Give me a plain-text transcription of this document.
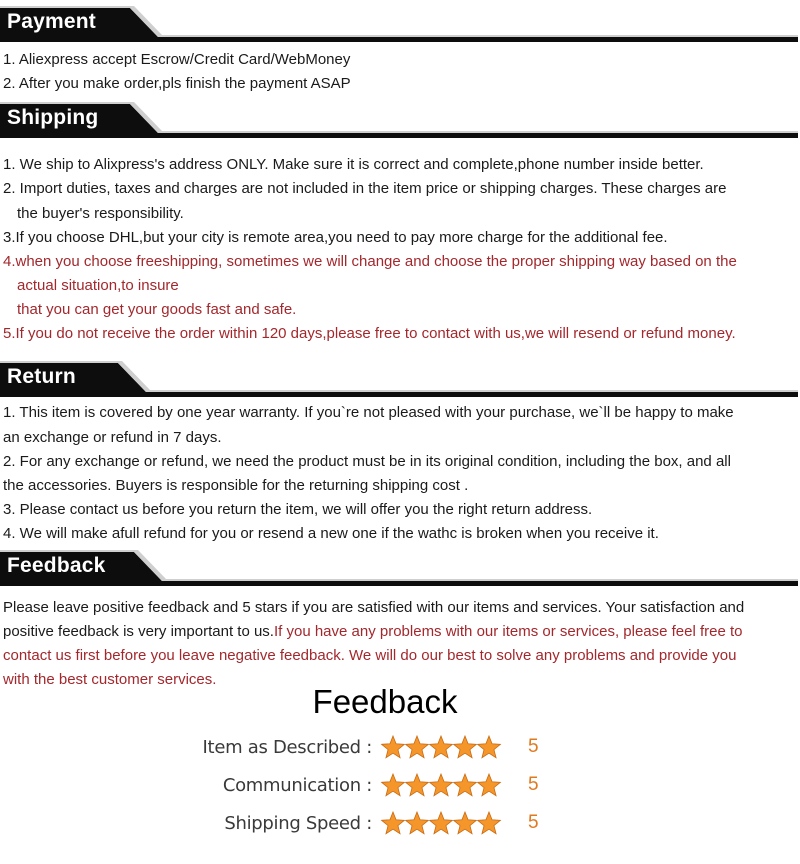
Payment
1. Aliexpress accept Escrow/Credit Card/WebMoney
2. After you make order,pls finish the payment ASAP
Shipping
1. We ship to Alixpress's address ONLY. Make sure it is correct and complete,phone number inside better.
2. Import duties, taxes and charges are not included in the item price or shipping charges. These charges are
the buyer's responsibility.
3.If you choose DHL,but your city is remote area,you need to pay more charge for the additional fee.
4.when you choose freeshipping, sometimes we will change and choose the proper shipping way based on the
actual situation,to insure
that you can get your goods fast and safe.
5.If you do not receive the order within 120 days,please free to contact with us,we will resend or refund money.
Return
1. This item is covered by one year warranty. If you`re not pleased with your purchase, we`ll be happy to make
an exchange or refund in 7 days.
2. For any exchange or refund, we need the product must be in its original condition, including the box, and all
the accessories. Buyers is responsible for the returning shipping cost .
3. Please contact us before you return the item, we will offer you the right return address.
4. We will make afull refund for you or resend a new one if the wathc is broken when you receive it.
Feedback
Please leave positive feedback and 5 stars if you are satisfied with our items and services. Your satisfaction and
positive feedback is very important to us.If you have any problems with our items or services, please feel free to
contact us first before you leave negative feedback. We will do our best to solve any problems and provide you
with the best customer services.
Feedback
Item as Described :	5
Communication :	5
Shipping Speed :	5
